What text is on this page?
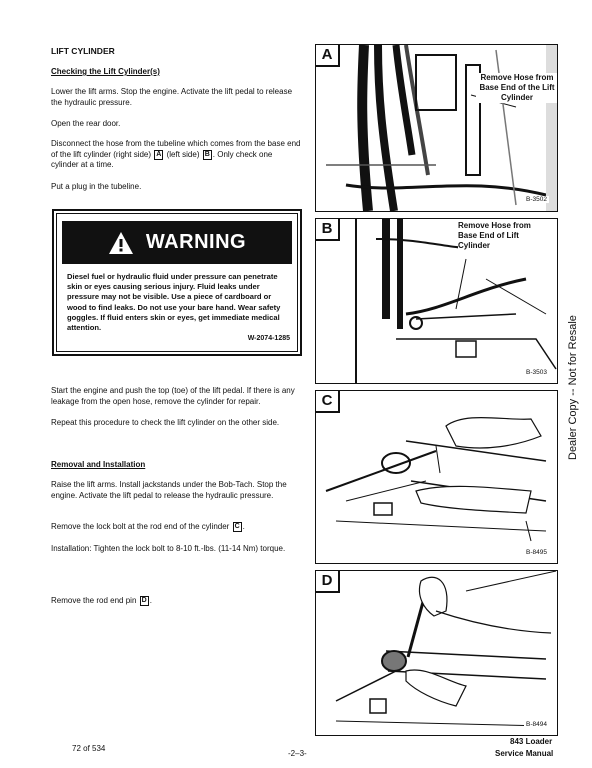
LIFT CYLINDER
Checking the Lift Cylinder(s)
Lower the lift arms. Stop the engine. Activate the lift pedal to release the hydraulic pressure.
Open the rear door.
Disconnect the hose from the tubeline which comes from the base end of the lift cylinder (right side) A (left side) B . Only check one cylinder at a time.
Put a plug in the tubeline.
WARNING
Diesel fuel or hydraulic fluid under pressure can penetrate skin or eyes causing serious injury. Fluid leaks under pressure may not be visible. Use a piece of cardboard or wood to find leaks. Do not use your bare hand. Wear safety goggles. If fluid enters skin or eyes, get immediate medical attention.
W-2074-1285
Start the engine and push the top (toe) of the lift pedal. If there is any leakage from the open hose, remove the cylinder for repair.
Repeat this procedure to check the lift cylinder on the other side.
Removal and Installation
Raise the lift arms. Install jackstands under the Bob-Tach. Stop the engine. Activate the lift pedal to release the hydraulic pressure.
Remove the lock bolt at the rod end of the cylinder C .
Installation: Tighten the lock bolt to 8-10 ft.-lbs. (11-14 Nm) torque.
Remove the rod end pin D .
A
Remove Hose from Base End of the Lift Cylinder
B-3502
B	Remove Hose from Base End of Lift Cylinder
B-3503
C
B-8495
D
B-8494
Dealer Copy -- Not for Resale
72 of 534
-2–3-
843 Loader
Service Manual
